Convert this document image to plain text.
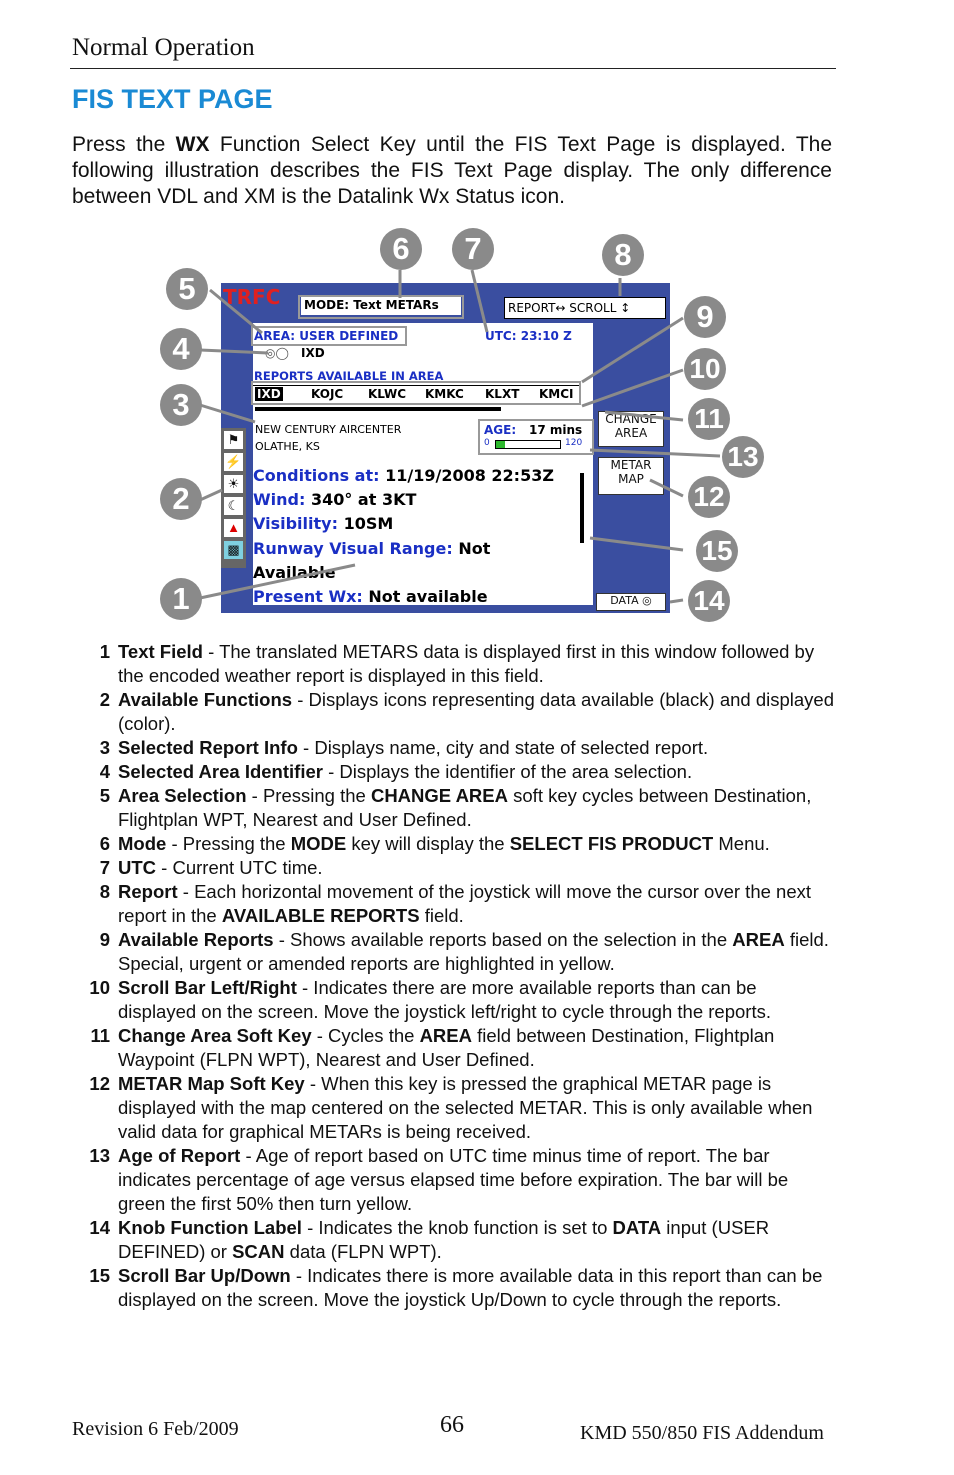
Normal Operation
FIS TEXT PAGE
Press the WX Function Select Key until the FIS Text Page is displayed. The following illustration describes the FIS Text Page display. The only difference between VDL and XM is the Datalink Wx Status icon.
TRFC MODE: Text METARs	REPORT↔ SCROLL ↕
AREA: USER DEFINED	UTC: 23:10 Z
◎◯ IXD
REPORTS AVAILABLE IN AREA
IXD	KOJC KLWC KMKC KLXT KMCI
NEW CENTURY AIRCENTER
OLATHE, KS
AGE: 17 mins
0	120
CHANGE AREA
METAR MAP
DATA ◎
⚑
⚡
☀
☾
▲
▩
Conditions at: 11/19/2008 22:53Z
Wind: 340° at 3KT
Visibility: 10SM
Runway Visual Range: Not
Available
Present Wx: Not available
1
2
3
4
5
6	7	8
9
10
11
13
12
15
14
1 Text Field - The translated METARS data is displayed first in this window followed by the encoded weather report is displayed in this field.
2 Available Functions - Displays icons representing data available (black) and displayed (color).
3 Selected Report Info - Displays name, city and state of selected report.
4 Selected Area Identifier - Displays the identifier of the area selection.
5 Area Selection - Pressing the CHANGE AREA soft key cycles between Destination, Flightplan WPT, Nearest and User Defined.
6 Mode - Pressing the MODE key will display the SELECT FIS PRODUCT Menu.
7 UTC - Current UTC time.
8 Report - Each horizontal movement of the joystick will move the cursor over the next report in the AVAILABLE REPORTS field.
9 Available Reports - Shows available reports based on the selection in the AREA field. Special, urgent or amended reports are highlighted in yellow.
10 Scroll Bar Left/Right - Indicates there are more available reports than can be displayed on the screen. Move the joystick left/right to cycle through the reports.
11 Change Area Soft Key - Cycles the AREA field between Destination, Flightplan Waypoint (FLPN WPT), Nearest and User Defined.
12 METAR Map Soft Key - When this key is pressed the graphical METAR page is displayed with the map centered on the selected METAR. This is only available when valid data for graphical METARs is being received.
13 Age of Report - Age of report based on UTC time minus time of report. The bar indicates percentage of age versus elapsed time before expiration. The bar will be green the first 50% then turn yellow.
14 Knob Function Label - Indicates the knob function is set to DATA input (USER DEFINED) or SCAN data (FLPN WPT).
15 Scroll Bar Up/Down - Indicates there is more available data in this report than can be displayed on the screen. Move the joystick Up/Down to cycle through the reports.
Revision 6 Feb/2009	66	KMD 550/850 FIS Addendum
